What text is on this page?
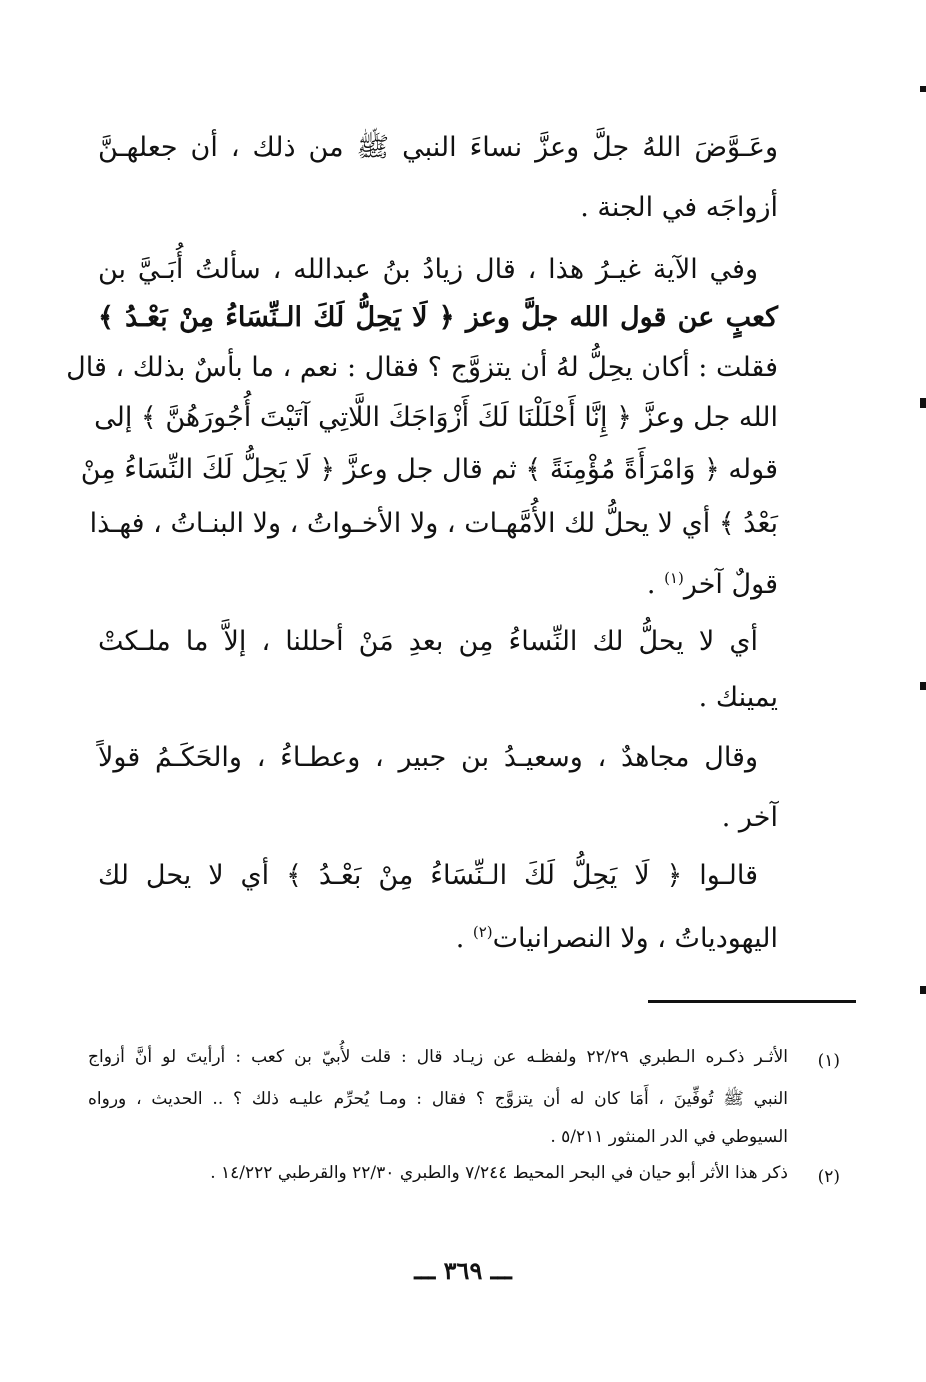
وعَـوَّضَ اللهُ جلَّ وعزَّ نساءَ النبي ﷺ من ذلك ، أن جعلهـنَّ
أزواجَه في الجنة .
وفي الآية غيـرُ هذا ، قال زيادُ بنُ عبدالله ، سألتُ أُبَـيَّ بن
كعبٍ عن قول الله جلَّ وعز ﴿ لَا يَحِلُّ لَكَ الـنِّسَاءُ مِنْ بَعْـدُ ﴾
فقلت : أكان يحِلُّ لهُ أن يتزوَّج ؟ فقال : نعم ، ما بأسٌ بذلك ، قال
الله جل وعزَّ ﴿ إِنَّا أَحْلَلْنَا لَكَ أَزْوَاجَكَ اللَّاتِي آتَيْتَ أُجُورَهُنَّ ﴾ إلى
قوله ﴿ وَامْرَأَةً مُؤْمِنَةً ﴾ ثم قال جل وعزَّ ﴿ لَا يَحِلُّ لَكَ النِّسَاءُ مِنْ
بَعْدُ ﴾ أي لا يحلُّ لك الأُمَّهـات ، ولا الأخـواتُ ، ولا البنـاتُ ، فهـذا
قولٌ آخر$^{(١)}$ .
أي لا يحلُّ لك النِّساءُ مِن بعدِ مَنْ أحللنا ، إلاَّ ما ملـكتْ
يمينك .
وقال مجاهدٌ ، وسعيـدُ بن جبير ، وعطـاءُ ، والحَكَـمُ قولاً
آخر .
قالـوا ﴿ لَا يَحِلُّ لَكَ الـنِّسَاءُ مِنْ بَعْـدُ ﴾ أي لا يحل لك
اليهودياتُ ، ولا النصرانيات$^{(٢)}$ .
(١)
الأثـر ذكـره الـطبري ٢٢/٢٩ ولفظـه عن زيـاد قال : قلت لأُبيّ بن كعب : أرأيتَ لو أنَّ أزواج
النبي ﷺ تُوفِّينَ ، أَمَا كان له أن يتزوَّج ؟ فقال : ومـا يُحرِّم عليـه ذلك ؟ .. الحديث ، ورواه
السيوطي في الدر المنثور ٥/٢١١ .
(٢)
ذكر هذا الأثر أبو حيان في البحر المحيط ٧/٢٤٤ والطبري ٢٢/٣٠ والقرطبي ١٤/٢٢٢ .
ـــ ٣٦٩ ـــ
